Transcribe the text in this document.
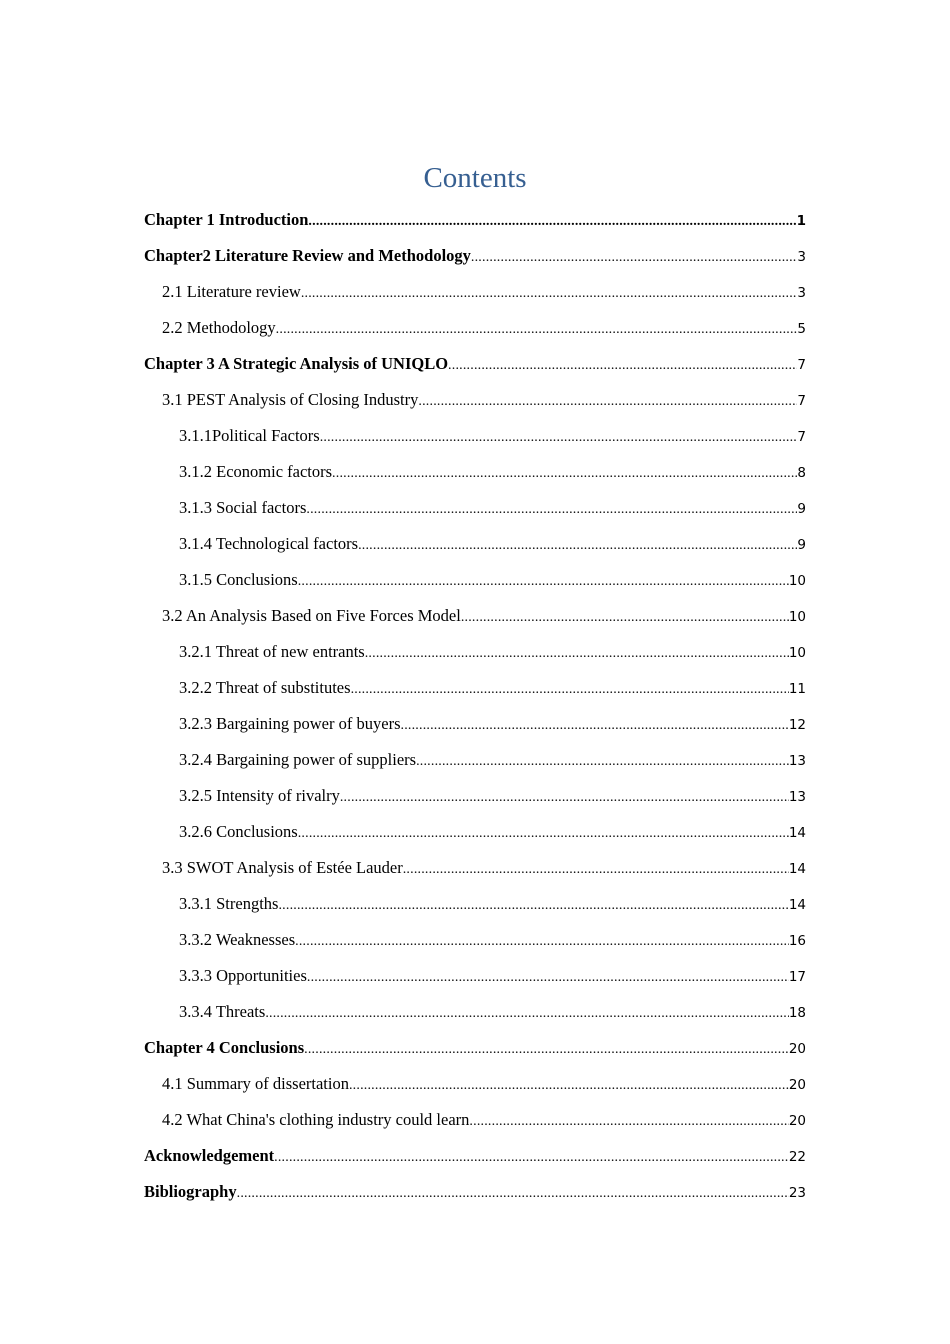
Contents
Chapter 1 Introduction .....	1
Chapter2 Literature Review and Methodology .....	3
2.1 Literature review .....	3
2.2 Methodology .....	5
Chapter 3 A Strategic Analysis of UNIQLO .....	7
3.1 PEST Analysis of Closing Industry .....	7
3.1.1Political Factors .....	7
3.1.2 Economic factors .....	8
3.1.3 Social factors .....	9
3.1.4 Technological factors .....	9
3.1.5 Conclusions .....	10
3.2 An Analysis Based on Five Forces Model .....	10
3.2.1 Threat of new entrants .....	10
3.2.2 Threat of substitutes .....	11
3.2.3 Bargaining power of buyers .....	12
3.2.4 Bargaining power of suppliers .....	13
3.2.5 Intensity of rivalry .....	13
3.2.6 Conclusions .....	14
3.3 SWOT Analysis of Estée Lauder .....	14
3.3.1 Strengths .....	14
3.3.2 Weaknesses .....	16
3.3.3 Opportunities .....	17
3.3.4 Threats .....	18
Chapter 4 Conclusions .....	20
4.1 Summary of dissertation .....	20
4.2 What China's clothing industry could learn .....	20
Acknowledgement .....	22
Bibliography .....	23
